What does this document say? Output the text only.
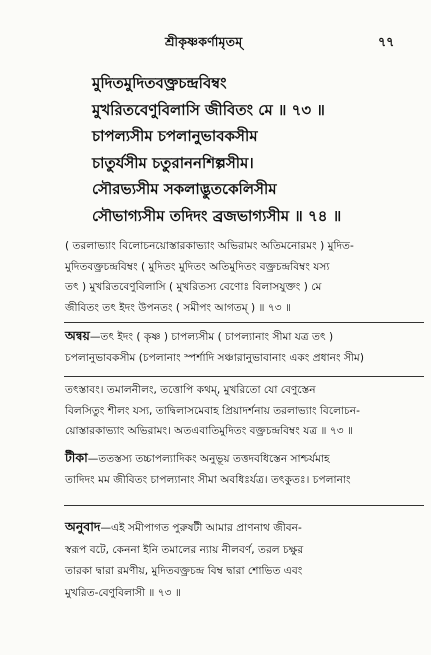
শ্রীকৃষ্ণকর্ণামৃতম্‌	৭৭
মুদিতমুদিতবক্ত্রচন্দ্রবিম্বং
মুখরিতবেণুবিলাসি জীবিতং মে ॥ ৭৩ ॥
চাপল্যসীম চপলানুভাবকসীম
চাতুর্যসীম চতুরাননশিল্পসীম।
সৌরভ্যসীম সকলাদ্ভুতকেলিসীম
সৌভাগ্যসীম তদিদং ব্রজভাগ্যসীম ॥ ৭৪ ॥
( তরলাভ্যাং বিলোচনয়োস্তারকাভ্যাং অভিরামং অতিমনোরমং ) মুদিত-
মুদিতবক্ত্রচন্দ্রবিম্বং ( মুদিতং মুদিতং অতিমুদিতং বক্ত্রচন্দ্রবিম্বং যস্য
তৎ ) মুখরিতবেণুবিলাসি ( মুখরিতস্য বেণোঃ বিলাসযুক্তং ) মে
জীবিতং তৎ ইদং উপনতং ( সমীপং আগতম্‌ ) ॥ ৭৩ ॥
অন্বয়—তৎ ইদং ( কৃষ্ণ ) চাপল্যসীম ( চাপল্যানাং সীমা যত্র তৎ )
চপলানুভাবকসীম (চপলানাং স্পর্শাদি সঞ্চারানুভাবানাং একং প্রধানং সীম)
তৎস্তাবং। তমালনীলং, তত্তোপি কথম্‌, মুখরিতো যো বেণুস্তেন
বিলসিতুং শীলং যস্য, তাদ্বিলাসমেবাহ প্রিয়াদর্শনায় তরলাভ্যাং বিলোচন-
য়োস্তারকাভ্যাং অভিরামং। অতএবাতিমুদিতং বক্ত্রচন্দ্রবিম্বং যত্র ॥ ৭৩ ॥
টীকা—ততস্তস্য তচ্চাপল্যাদিকং অনুভূয় তত্তদবধিস্তেন সাশ্চর্যমাহ
তাদিদং মম জীবিতং চাপল্যানাং সীমা অবধিঃর্যত্র। তৎকুতঃ। চপলানাং
অনুবাদ—এই সমীপাগত পুরুষটী আমার প্রাণনাথ জীবন-
স্বরূপ বটে, কেননা ইনি তমালের ন্যায় নীলবর্ণ, তরল চক্ষুর
তারকা দ্বারা রমণীয়, মুদিতবক্ত্রচন্দ্র বিম্ব দ্বারা শোভিত এবং
মুখরিত-বেণুবিলাসী ॥ ৭৩ ॥
